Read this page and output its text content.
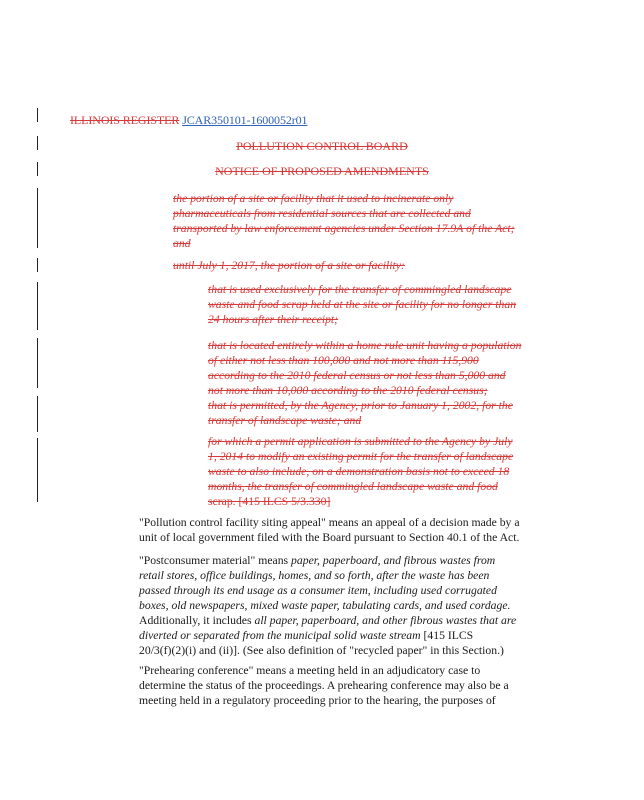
ILLINOIS REGISTER JCAR350101-1600052r01
POLLUTION CONTROL BOARD
NOTICE OF PROPOSED AMENDMENTS
the portion of a site or facility that it used to incinerate only
pharmaceuticals from residential sources that are collected and
transported by law enforcement agencies under Section 17.9A of the Act;
and
until July 1, 2017, the portion of a site or facility:
that is used exclusively for the transfer of commingled landscape
waste and food scrap held at the site or facility for no longer than
24 hours after their receipt;
that is located entirely within a home rule unit having a population
of either not less than 100,000 and not more than 115,900
according to the 2010 federal census or not less than 5,000 and
not more than 10,000 according to the 2010 federal census;
that is permitted, by the Agency, prior to January 1, 2002, for the
transfer of landscape waste; and
for which a permit application is submitted to the Agency by July
1, 2014 to modify an existing permit for the transfer of landscape
waste to also include, on a demonstration basis not to exceed 18
months, the transfer of commingled landscape waste and food
scrap. [415 ILCS 5/3.330]
"Pollution control facility siting appeal" means an appeal of a decision made by a
unit of local government filed with the Board pursuant to Section 40.1 of the Act.
"Postconsumer material" means paper, paperboard, and fibrous wastes from
retail stores, office buildings, homes, and so forth, after the waste has been
passed through its end usage as a consumer item, including used corrugated
boxes, old newspapers, mixed waste paper, tabulating cards, and used cordage.
Additionally, it includes all paper, paperboard, and other fibrous wastes that are
diverted or separated from the municipal solid waste stream [415 ILCS
20/3(f)(2)(i) and (ii)]. (See also definition of "recycled paper" in this Section.)
"Prehearing conference" means a meeting held in an adjudicatory case to
determine the status of the proceedings. A prehearing conference may also be a
meeting held in a regulatory proceeding prior to the hearing, the purposes of
